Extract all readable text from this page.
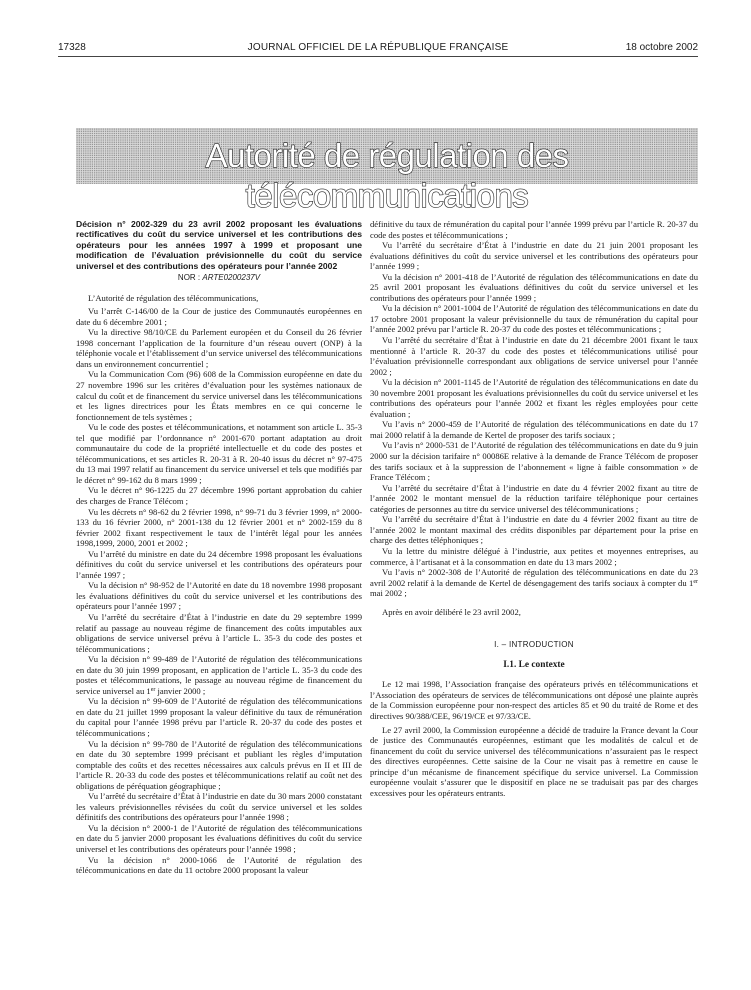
17328	JOURNAL OFFICIEL DE LA RÉPUBLIQUE FRANÇAISE	18 octobre 2002
Autorité de régulation des télécommunications

Décision n° 2002-329 du 23 avril 2002 proposant les évaluations rectificatives du coût du service universel et les contributions des opérateurs pour les années 1997 à 1999 et proposant une modification de l’évaluation prévisionnelle du coût du service universel et des contributions des opérateurs pour l’année 2002

NOR : ARTE0200237V

L’Autorité de régulation des télécommunications,

Vu l’arrêt C-146/00 de la Cour de justice des Communautés européennes en date du 6 décembre 2001 ;

Vu la directive 98/10/CE du Parlement européen et du Conseil du 26 février 1998 concernant l’application de la fourniture d’un réseau ouvert (ONP) à la téléphonie vocale et l’établissement d’un service universel des télécommunications dans un environnement concurrentiel ;

Vu la Communication Com (96) 608 de la Commission européenne en date du 27 novembre 1996 sur les critères d’évaluation pour les systèmes nationaux de calcul du coût et de financement du service universel dans les télécommunications et les lignes directrices pour les États membres en ce qui concerne le fonctionnement de tels systèmes ;

Vu le code des postes et télécommunications, et notamment son article L. 35-3 tel que modifié par l’ordonnance n° 2001-670 portant adaptation au droit communautaire du code de la propriété intellectuelle et du code des postes et télécommunications, et ses articles R. 20-31 à R. 20-40 issus du décret n° 97-475 du 13 mai 1997 relatif au financement du service universel et tels que modifiés par le décret n° 99-162 du 8 mars 1999 ;

Vu le décret n° 96-1225 du 27 décembre 1996 portant approbation du cahier des charges de France Télécom ;

Vu les décrets n° 98-62 du 2 février 1998, n° 99-71 du 3 février 1999, n° 2000-133 du 16 février 2000, n° 2001-138 du 12 février 2001 et n° 2002-159 du 8 février 2002 fixant respectivement le taux de l’intérêt légal pour les années 1998,1999, 2000, 2001 et 2002 ;

Vu l’arrêté du ministre en date du 24 décembre 1998 proposant les évaluations définitives du coût du service universel et les contributions des opérateurs pour l’année 1997 ;

Vu la décision n° 98-952 de l’Autorité en date du 18 novembre 1998 proposant les évaluations définitives du coût du service universel et les contributions des opérateurs pour l’année 1997 ;

Vu l’arrêté du secrétaire d’État à l’industrie en date du 29 septembre 1999 relatif au passage au nouveau régime de financement des coûts imputables aux obligations de service universel prévu à l’article L. 35-3 du code des postes et télécommunications ;

Vu la décision n° 99-489 de l’Autorité de régulation des télécommunications en date du 30 juin 1999 proposant, en application de l’article L. 35-3 du code des postes et télécommunications, le passage au nouveau régime de financement du service universel au 1er janvier 2000 ;

Vu la décision n° 99-609 de l’Autorité de régulation des télécommunications en date du 21 juillet 1999 proposant la valeur définitive du taux de rémunération du capital pour l’année 1998 prévu par l’article R. 20-37 du code des postes et télécommunications ;

Vu la décision n° 99-780 de l’Autorité de régulation des télécommunications en date du 30 septembre 1999 précisant et publiant les règles d’imputation comptable des coûts et des recettes nécessaires aux calculs prévus en II et III de l’article R. 20-33 du code des postes et télécommunications relatif au coût net des obligations de péréquation géographique ;

Vu l’arrêté du secrétaire d’État à l’industrie en date du 30 mars 2000 constatant les valeurs prévisionnelles révisées du coût du service universel et les soldes définitifs des contributions des opérateurs pour l’année 1998 ;

Vu la décision n° 2000-1 de l’Autorité de régulation des télécommunications en date du 5 janvier 2000 proposant les évaluations définitives du coût du service universel et les contributions des opérateurs pour l’année 1998 ;

Vu la décision n° 2000-1066 de l’Autorité de régulation des télécommunications en date du 11 octobre 2000 proposant la valeur

définitive du taux de rémunération du capital pour l’année 1999 prévu par l’article R. 20-37 du code des postes et télécommunications ;

Vu l’arrêté du secrétaire d’État à l’industrie en date du 21 juin 2001 proposant les évaluations définitives du coût du service universel et les contributions des opérateurs pour l’année 1999 ;

Vu la décision n° 2001-418 de l’Autorité de régulation des télécommunications en date du 25 avril 2001 proposant les évaluations définitives du coût du service universel et les contributions des opérateurs pour l’année 1999 ;

Vu la décision n° 2001-1004 de l’Autorité de régulation des télécommunications en date du 17 octobre 2001 proposant la valeur prévisionnelle du taux de rémunération du capital pour l’année 2002 prévu par l’article R. 20-37 du code des postes et télécommunications ;

Vu l’arrêté du secrétaire d’État à l’industrie en date du 21 décembre 2001 fixant le taux mentionné à l’article R. 20-37 du code des postes et télécommunications utilisé pour l’évaluation prévisionnelle correspondant aux obligations de service universel pour l’année 2002 ;

Vu la décision n° 2001-1145 de l’Autorité de régulation des télécommunications en date du 30 novembre 2001 proposant les évaluations prévisionnelles du coût du service universel et les contributions des opérateurs pour l’année 2002 et fixant les règles employées pour cette évaluation ;

Vu l’avis n° 2000-459 de l’Autorité de régulation des télécommunications en date du 17 mai 2000 relatif à la demande de Kertel de proposer des tarifs sociaux ;

Vu l’avis n° 2000-531 de l’Autorité de régulation des télécommunications en date du 9 juin 2000 sur la décision tarifaire n° 00086E relative à la demande de France Télécom de proposer des tarifs sociaux et à la suppression de l’abonnement « ligne à faible consommation » de France Télécom ;

Vu l’arrêté du secrétaire d’État à l’industrie en date du 4 février 2002 fixant au titre de l’année 2002 le montant mensuel de la réduction tarifaire téléphonique pour certaines catégories de personnes au titre du service universel des télécommunications ;

Vu l’arrêté du secrétaire d’État à l’industrie en date du 4 février 2002 fixant au titre de l’année 2002 le montant maximal des crédits disponibles par département pour la prise en charge des dettes téléphoniques ;

Vu la lettre du ministre délégué à l’industrie, aux petites et moyennes entreprises, au commerce, à l’artisanat et à la consommation en date du 13 mars 2002 ;

Vu l’avis n° 2002-308 de l’Autorité de régulation des télécommunications en date du 23 avril 2002 relatif à la demande de Kertel de désengagement des tarifs sociaux à compter du 1er mai 2002 ;

Après en avoir délibéré le 23 avril 2002,

I. – INTRODUCTION

I.1. Le contexte

Le 12 mai 1998, l’Association française des opérateurs privés en télécommunications et l’Association des opérateurs de services de télécommunications ont déposé une plainte auprès de la Commission européenne pour non-respect des articles 85 et 90 du traité de Rome et des directives 90/388/CEE, 96/19/CE et 97/33/CE.

Le 27 avril 2000, la Commission européenne a décidé de traduire la France devant la Cour de justice des Communautés européennes, estimant que les modalités de calcul et de financement du coût du service universel des télécommunications n’assuraient pas le respect des directives européennes. Cette saisine de la Cour ne visait pas à remettre en cause le principe d’un mécanisme de financement spécifique du service universel. La Commission européenne voulait s’assurer que le dispositif en place ne se traduisait pas par des charges excessives pour les opérateurs entrants.
